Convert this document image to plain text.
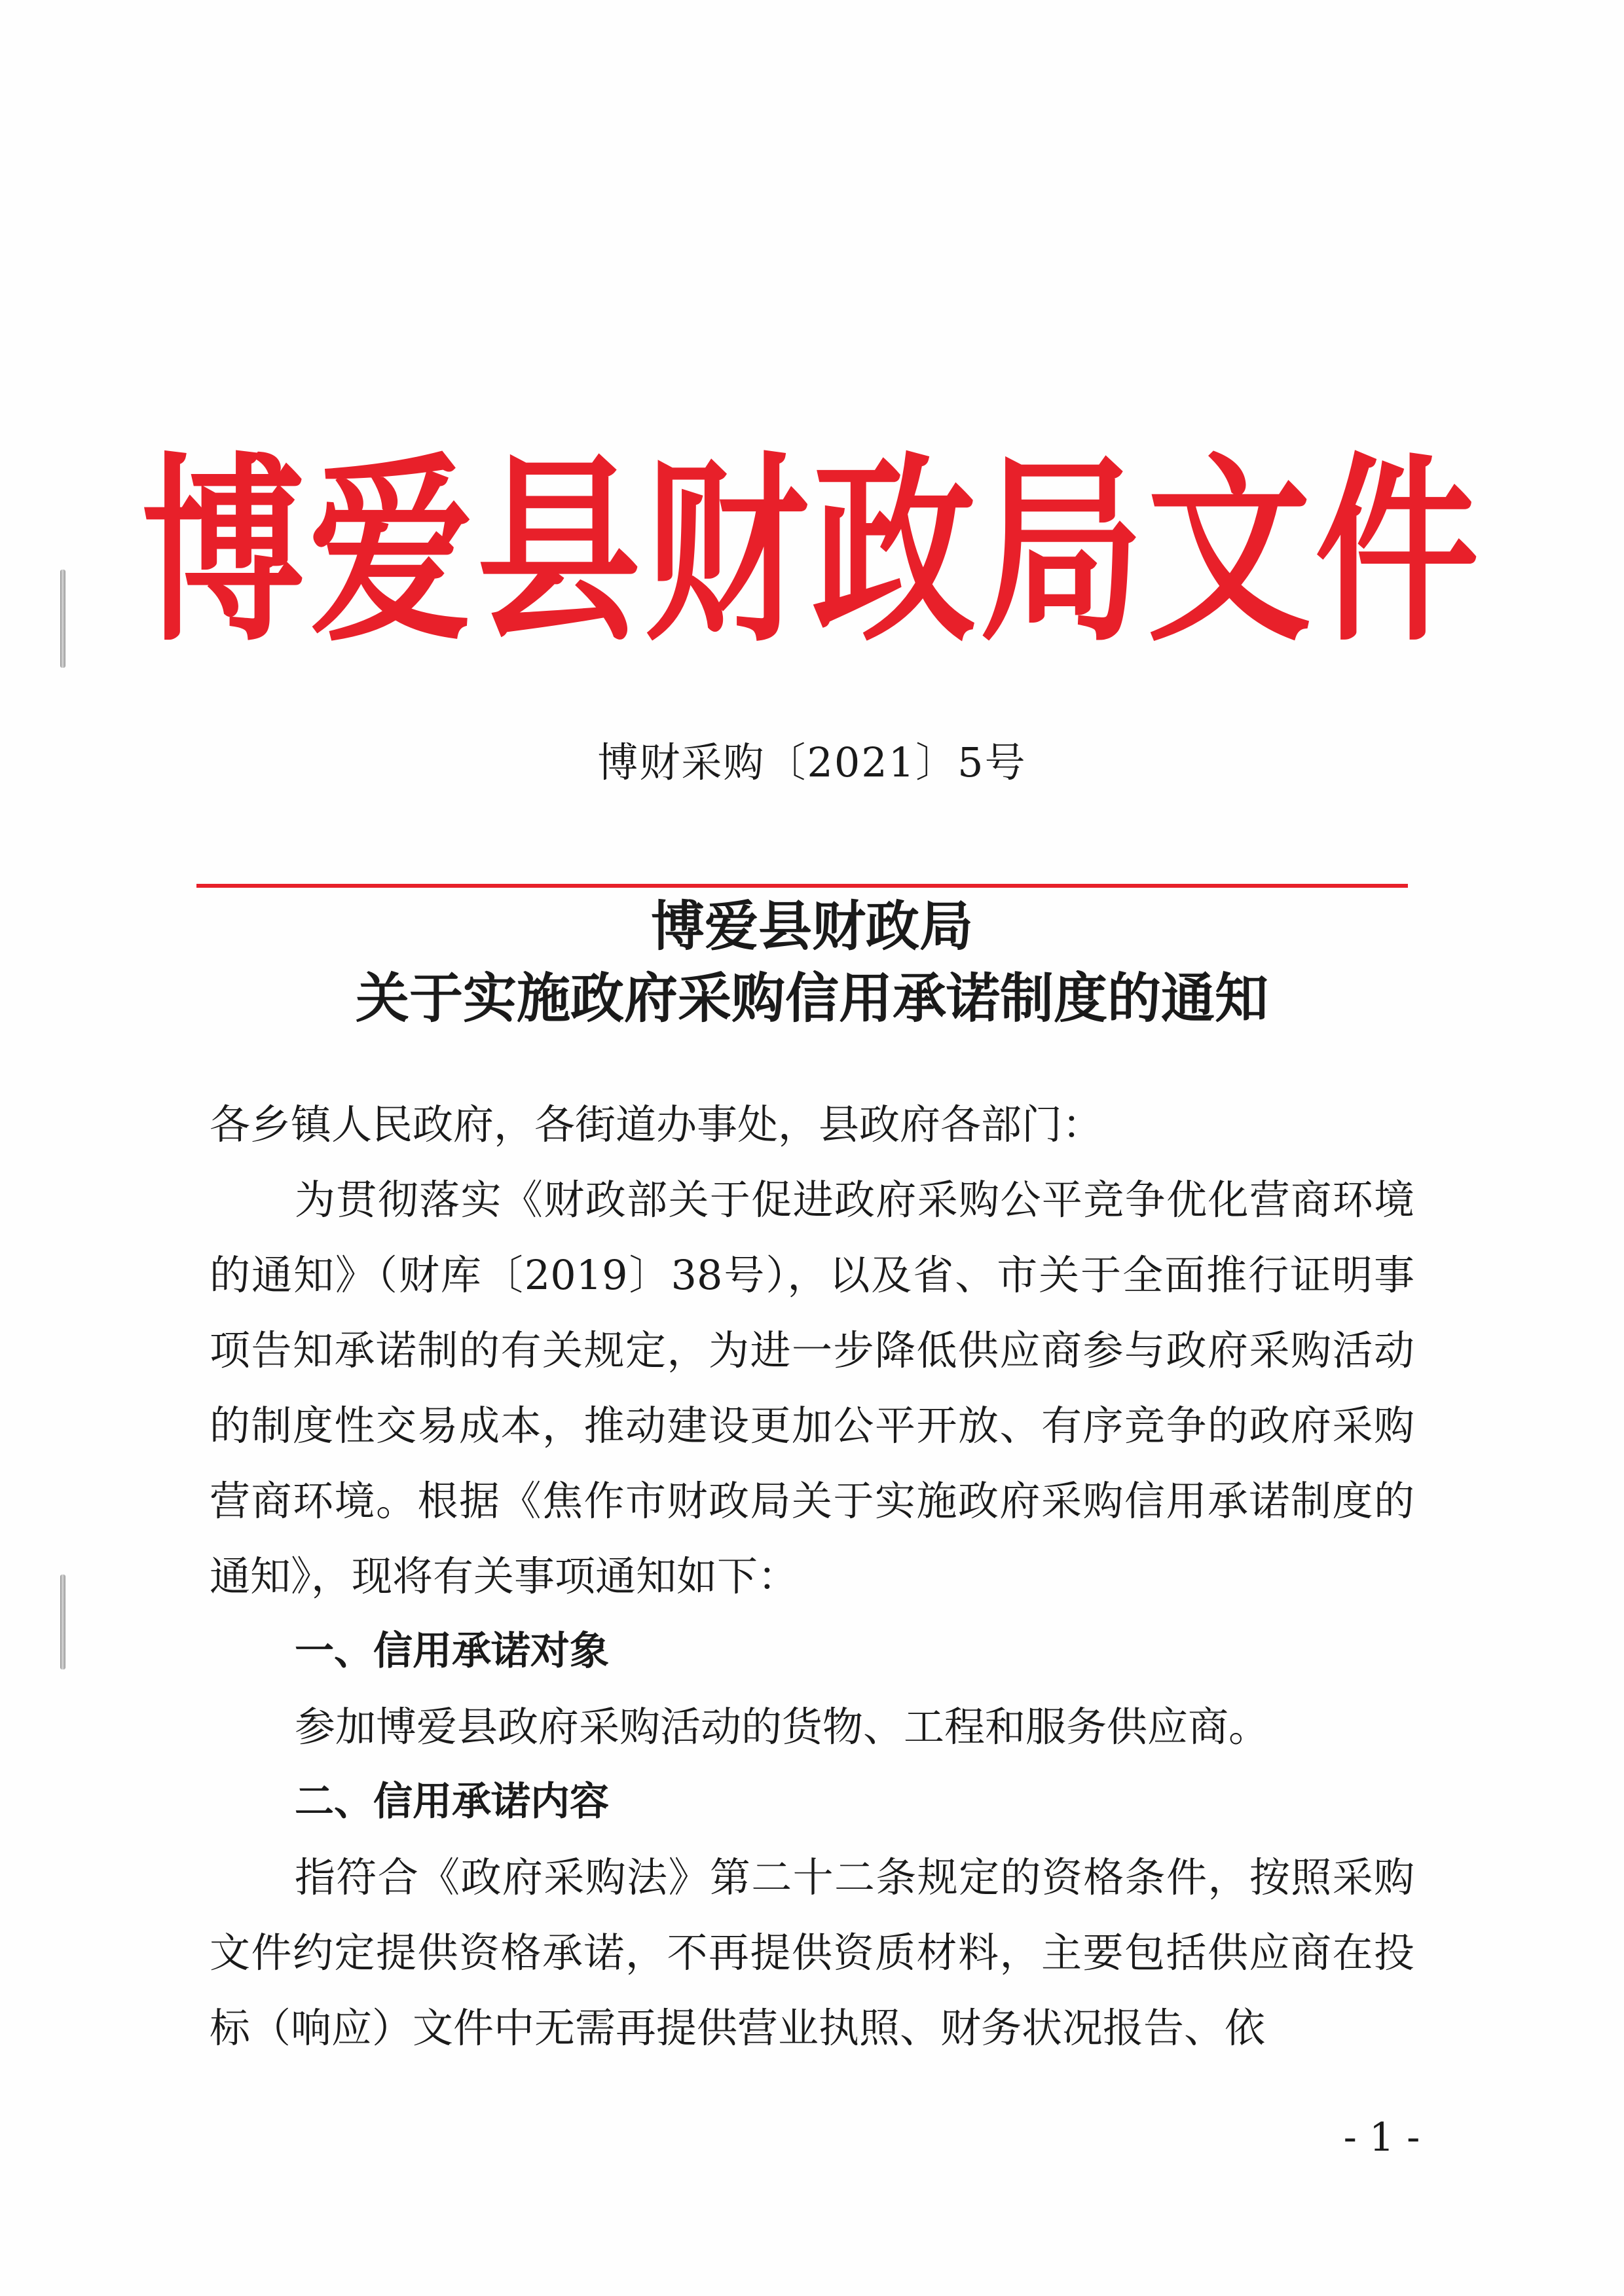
博爱县财政局文件
博财采购〔2021〕5号
博爱县财政局
关于实施政府采购信用承诺制度的通知

各乡镇人民政府，各街道办事处，县政府各部门：

为贯彻落实《财政部关于促进政府采购公平竞争优化营商环境的通知》（财库〔2019〕38号），以及省、市关于全面推行证明事项告知承诺制的有关规定，为进一步降低供应商参与政府采购活动的制度性交易成本，推动建设更加公平开放、有序竞争的政府采购营商环境。根据《焦作市财政局关于实施政府采购信用承诺制度的通知》，现将有关事项通知如下：

一、信用承诺对象

参加博爱县政府采购活动的货物、工程和服务供应商。

二、信用承诺内容

指符合《政府采购法》第二十二条规定的资格条件，按照采购文件约定提供资格承诺，不再提供资质材料，主要包括供应商在投标（响应）文件中无需再提供营业执照、财务状况报告、依

- 1 -
